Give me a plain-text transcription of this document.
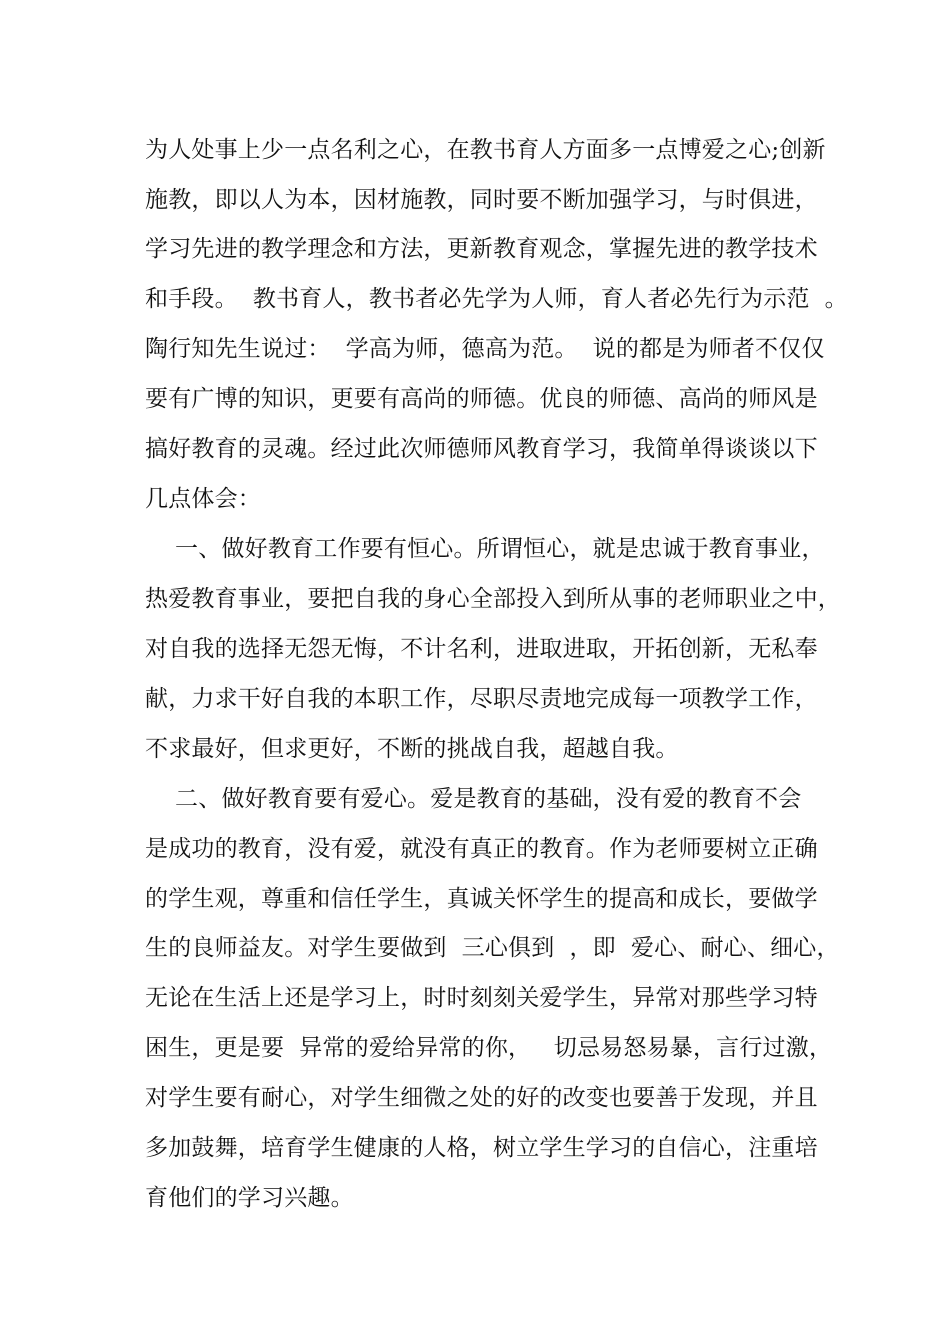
为人处事上少一点名利之心，在教书育人方面多一点博爱之心;创新
施教，即以人为本，因材施教，同时要不断加强学习，与时俱进，
学习先进的教学理念和方法，更新教育观念，掌握先进的教学技术
和手段。  教书育人，教书者必先学为人师，育人者必先行为示范  。
陶行知先生说过：  学高为师，德高为范。  说的都是为师者不仅仅
要有广博的知识，更要有高尚的师德。优良的师德、高尚的师风是
搞好教育的灵魂。经过此次师德师风教育学习，我简单得谈谈以下
几点体会：
一、做好教育工作要有恒心。所谓恒心，就是忠诚于教育事业，
热爱教育事业，要把自我的身心全部投入到所从事的老师职业之中，
对自我的选择无怨无悔，不计名利，进取进取，开拓创新，无私奉
献，力求干好自我的本职工作，尽职尽责地完成每一项教学工作，
不求最好，但求更好，不断的挑战自我，超越自我。
二、做好教育要有爱心。爱是教育的基础，没有爱的教育不会
是成功的教育，没有爱，就没有真正的教育。作为老师要树立正确
的学生观，尊重和信任学生，真诚关怀学生的提高和成长，要做学
生的良师益友。对学生要做到  三心俱到  ，即  爱心、耐心、细心，
无论在生活上还是学习上，时时刻刻关爱学生，异常对那些学习特
困生，更是要  异常的爱给异常的你，   切忌易怒易暴，言行过激，
对学生要有耐心，对学生细微之处的好的改变也要善于发现，并且
多加鼓舞，培育学生健康的人格，树立学生学习的自信心，注重培
育他们的学习兴趣。
